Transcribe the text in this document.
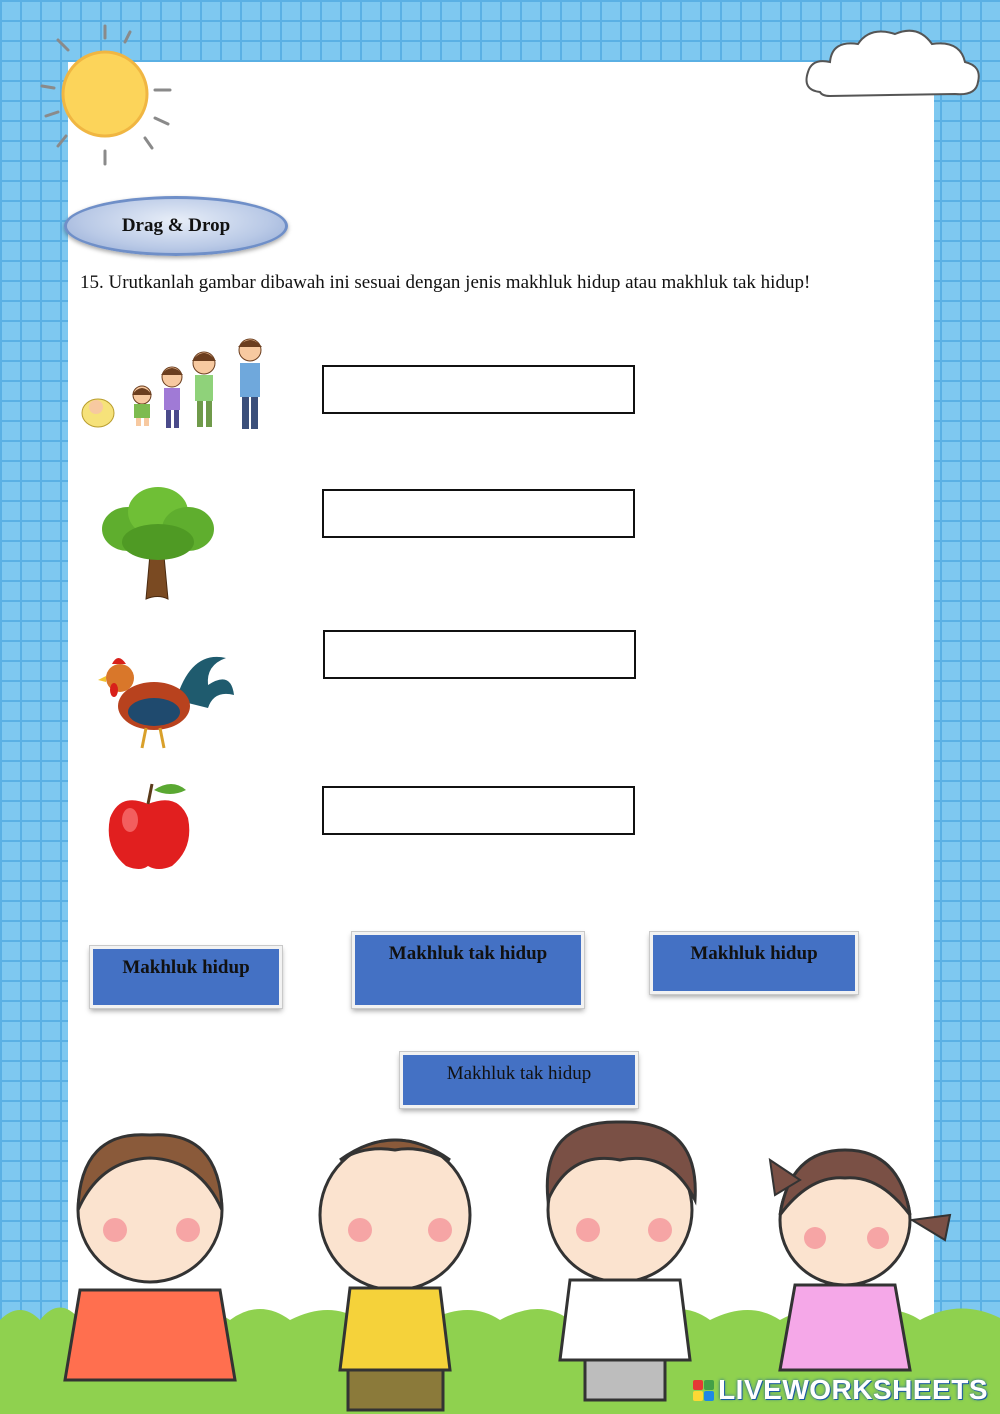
Drag & Drop
15. Urutkanlah gambar dibawah ini sesuai dengan jenis makhluk hidup atau makhluk tak hidup!
Makhluk hidup
Makhluk tak hidup	Makhluk hidup
Makhluk tak hidup
LIVEWORKSHEETS
